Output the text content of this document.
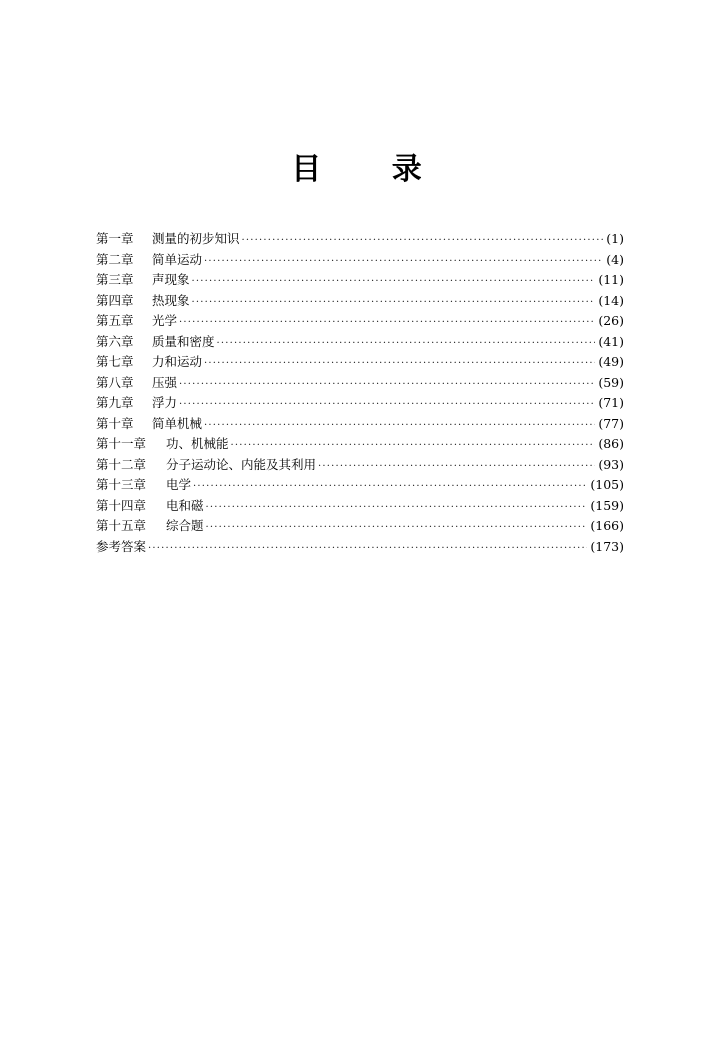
目 录
第一章	测量的初步知识 ·····	(1)
第二章	简单运动 ·····	(4)
第三章	声现象 ·····	(11)
第四章	热现象 ·····	(14)
第五章	光学 ·····	(26)
第六章	质量和密度 ·····	(41)
第七章	力和运动 ·····	(49)
第八章	压强 ·····	(59)
第九章	浮力 ·····	(71)
第十章	简单机械 ·····	(77)
第十一章	功、机械能 ·····	(86)
第十二章	分子运动论、内能及其利用 ·····	(93)
第十三章	电学 ·····	(105)
第十四章	电和磁 ·····	(159)
第十五章	综合题 ·····	(166)
参考答案 ·····	(173)
